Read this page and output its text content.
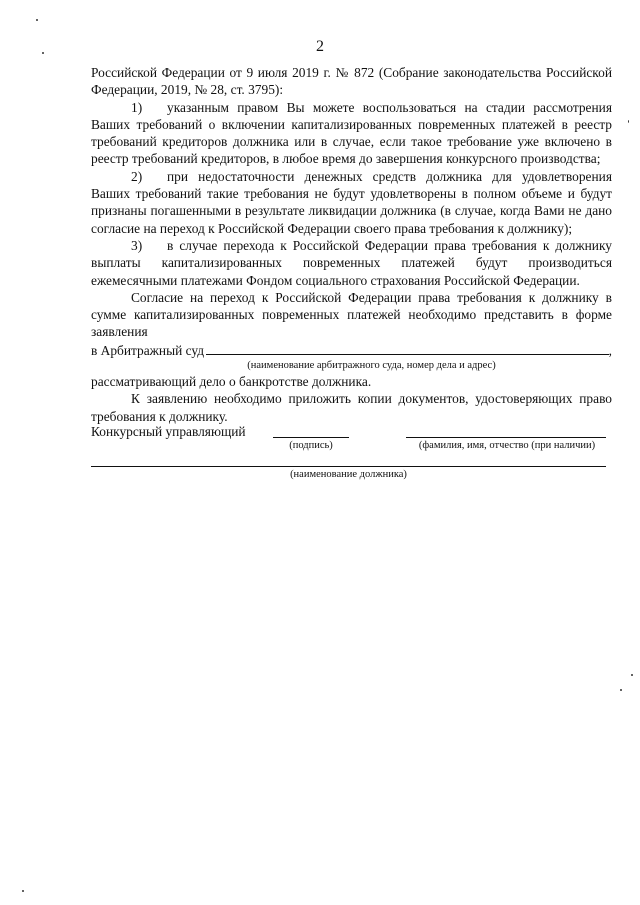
2

Российской Федерации от 9 июля 2019 г. № 872 (Собрание законодательства Российской Федерации, 2019, № 28, ст. 3795):

1) указанным правом Вы можете воспользоваться на стадии рассмотрения Ваших требований о включении капитализированных повременных платежей в реестр требований кредиторов должника или в случае, если такое требование уже включено в реестр требований кредиторов, в любое время до завершения конкурсного производства;

2) при недостаточности денежных средств должника для удовлетворения Ваших требований такие требования не будут удовлетворены в полном объеме и будут признаны погашенными в результате ликвидации должника (в случае, когда Вами не дано согласие на переход к Российской Федерации своего права требования к должнику);

3) в случае перехода к Российской Федерации права требования к должнику выплаты капитализированных повременных платежей будут производиться ежемесячными платежами Фондом социального страхования Российской Федерации.

Согласие на переход к Российской Федерации права требования к должнику в сумме капитализированных повременных платежей необходимо представить в форме заявления

в Арбитражный суд	,
(наименование арбитражного суда, номер дела и адрес)

рассматривающий дело о банкротстве должника.

К заявлению необходимо приложить копии документов, удостоверяющих право требования к должнику.

Конкурсный управляющий
(подпись)	(фамилия, имя, отчество (при наличии)
(наименование должника)
